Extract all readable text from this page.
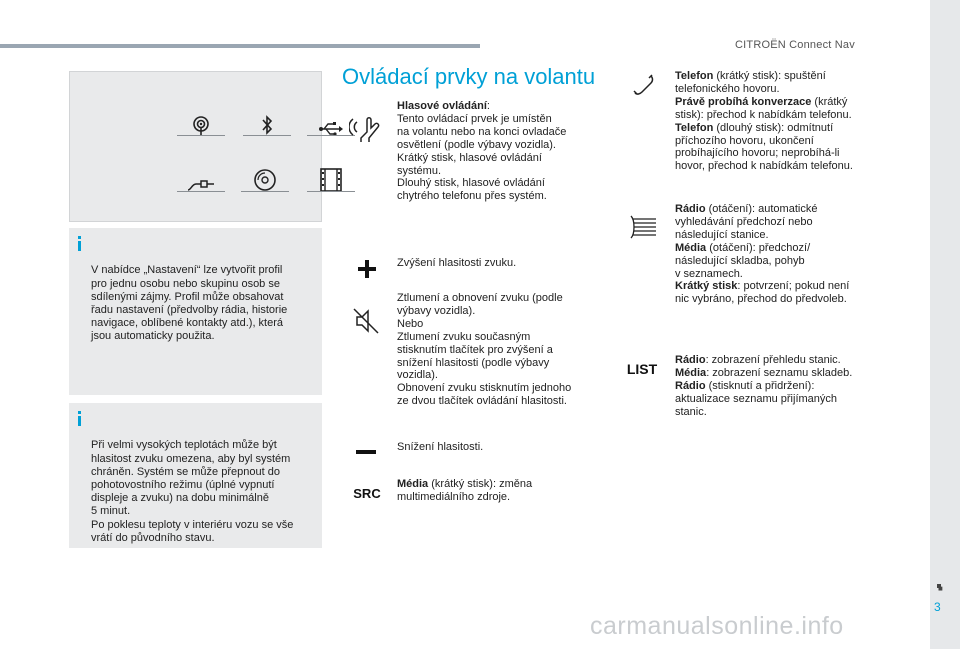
CITROËN Connect Nav
3

V nabídce „Nastavení“ lze vytvořit profil
pro jednu osobu nebo skupinu osob se
sdílenými zájmy. Profil může obsahovat
řadu nastavení (předvolby rádia, historie
navigace, oblíbené kontakty atd.), která
jsou automaticky použita.

Při velmi vysokých teplotách může být
hlasitost zvuku omezena, aby byl systém
chráněn. Systém se může přepnout do
pohotovostního režimu (úplné vypnutí
displeje a zvuku) na dobu minimálně
5 minut.
Po poklesu teploty v interiéru vozu se vše
vrátí do původního stavu.

Ovládací prvky na volantu
Hlasové ovládání:
Tento ovládací prvek je umístěn
na volantu nebo na konci ovladače
osvětlení (podle výbavy vozidla).
Krátký stisk, hlasové ovládání
systému.
Dlouhý stisk, hlasové ovládání
chytrého telefonu přes systém.
Zvýšení hlasitosti zvuku.
Ztlumení a obnovení zvuku (podle
výbavy vozidla).
Nebo
Ztlumení zvuku současným
stisknutím tlačítek pro zvýšení a
snížení hlasitosti (podle výbavy
vozidla).
Obnovení zvuku stisknutím jednoho
ze dvou tlačítek ovládání hlasitosti.
Snížení hlasitosti.
SRC
Média (krátký stisk): změna
multimediálního zdroje.
Telefon (krátký stisk): spuštění
telefonického hovoru.
Právě probíhá konverzace (krátký
stisk): přechod k nabídkám telefonu.
Telefon (dlouhý stisk): odmítnutí
příchozího hovoru, ukončení
probíhajícího hovoru; neprobíhá-li
hovor, přechod k nabídkám telefonu.
Rádio (otáčení): automatické
vyhledávání předchozí nebo
následující stanice.
Média (otáčení): předchozí/
následující skladba, pohyb
v seznamech.
Krátký stisk: potvrzení; pokud není
nic vybráno, přechod do předvoleb.
LIST
Rádio: zobrazení přehledu stanic.
Média: zobrazení seznamu skladeb.
Rádio (stisknutí a přidržení):
aktualizace seznamu přijímaných
stanic.
■
carmanualsonline.info
